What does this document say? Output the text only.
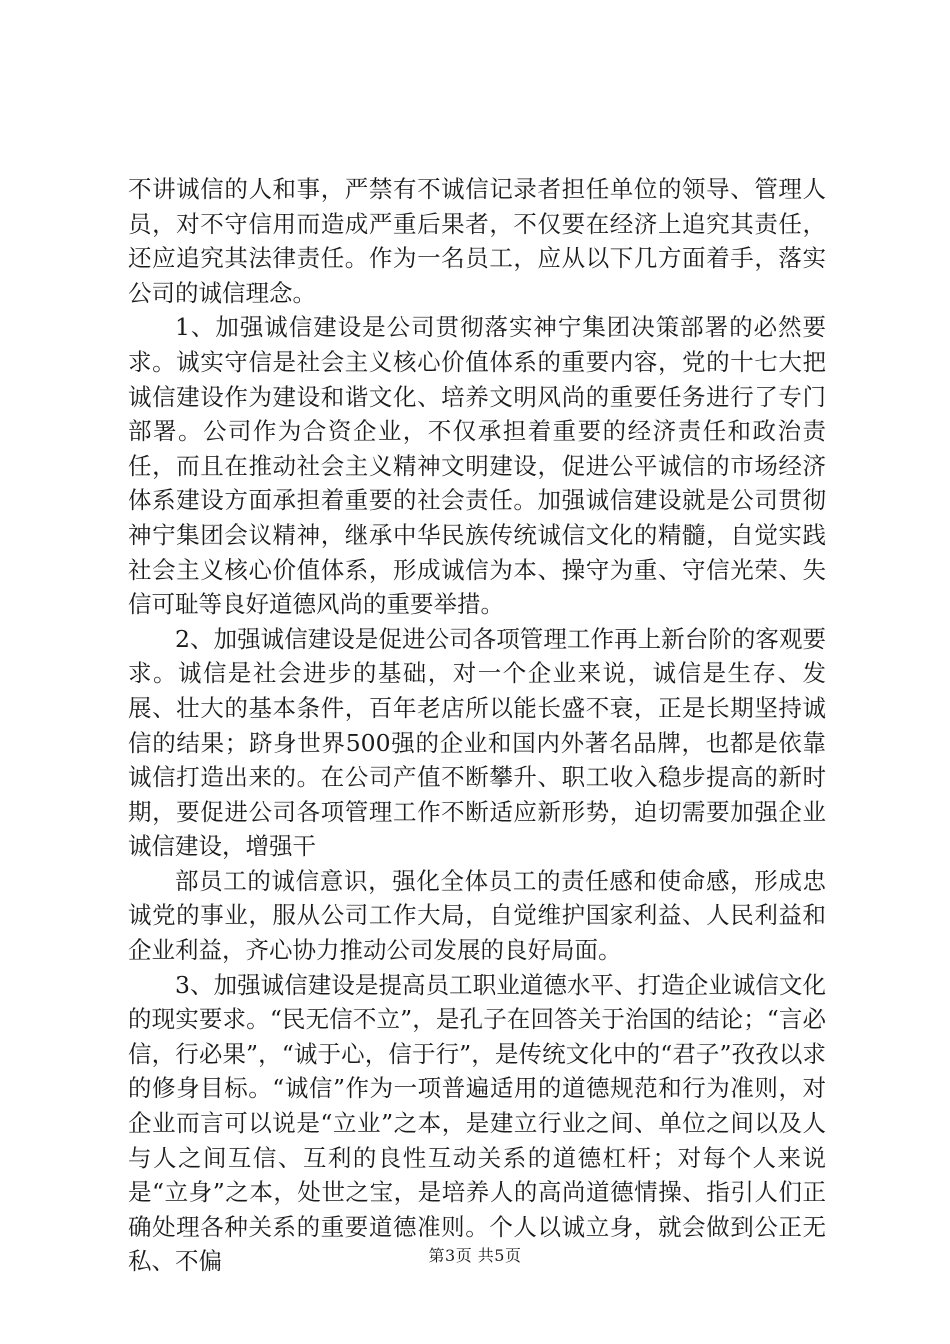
不讲诚信的人和事，严禁有不诚信记录者担任单位的领导、管理人员，对不守信用而造成严重后果者，不仅要在经济上追究其责任，还应追究其法律责任。作为一名员工，应从以下几方面着手，落实公司的诚信理念。

1、加强诚信建设是公司贯彻落实神宁集团决策部署的必然要求。诚实守信是社会主义核心价值体系的重要内容，党的十七大把诚信建设作为建设和谐文化、培养文明风尚的重要任务进行了专门部署。公司作为合资企业，不仅承担着重要的经济责任和政治责任，而且在推动社会主义精神文明建设，促进公平诚信的市场经济体系建设方面承担着重要的社会责任。加强诚信建设就是公司贯彻神宁集团会议精神，继承中华民族传统诚信文化的精髓，自觉实践社会主义核心价值体系，形成诚信为本、操守为重、守信光荣、失信可耻等良好道德风尚的重要举措。

2、加强诚信建设是促进公司各项管理工作再上新台阶的客观要求。诚信是社会进步的基础，对一个企业来说，诚信是生存、发展、壮大的基本条件，百年老店所以能长盛不衰，正是长期坚持诚信的结果；跻身世界500强的企业和国内外著名品牌，也都是依靠诚信打造出来的。在公司产值不断攀升、职工收入稳步提高的新时期，要促进公司各项管理工作不断适应新形势，迫切需要加强企业诚信建设，增强干

部员工的诚信意识，强化全体员工的责任感和使命感，形成忠诚党的事业，服从公司工作大局，自觉维护国家利益、人民利益和企业利益，齐心协力推动公司发展的良好局面。

3、加强诚信建设是提高员工职业道德水平、打造企业诚信文化的现实要求。“民无信不立”，是孔子在回答关于治国的结论；“言必信，行必果”，“诚于心，信于行”，是传统文化中的“君子”孜孜以求的修身目标。“诚信”作为一项普遍适用的道德规范和行为准则，对企业而言可以说是“立业”之本，是建立行业之间、单位之间以及人与人之间互信、互利的良性互动关系的道德杠杆；对每个人来说是“立身”之本，处世之宝，是培养人的高尚道德情操、指引人们正确处理各种关系的重要道德准则。个人以诚立身，就会做到公正无私、不偏	第3页 共5页
